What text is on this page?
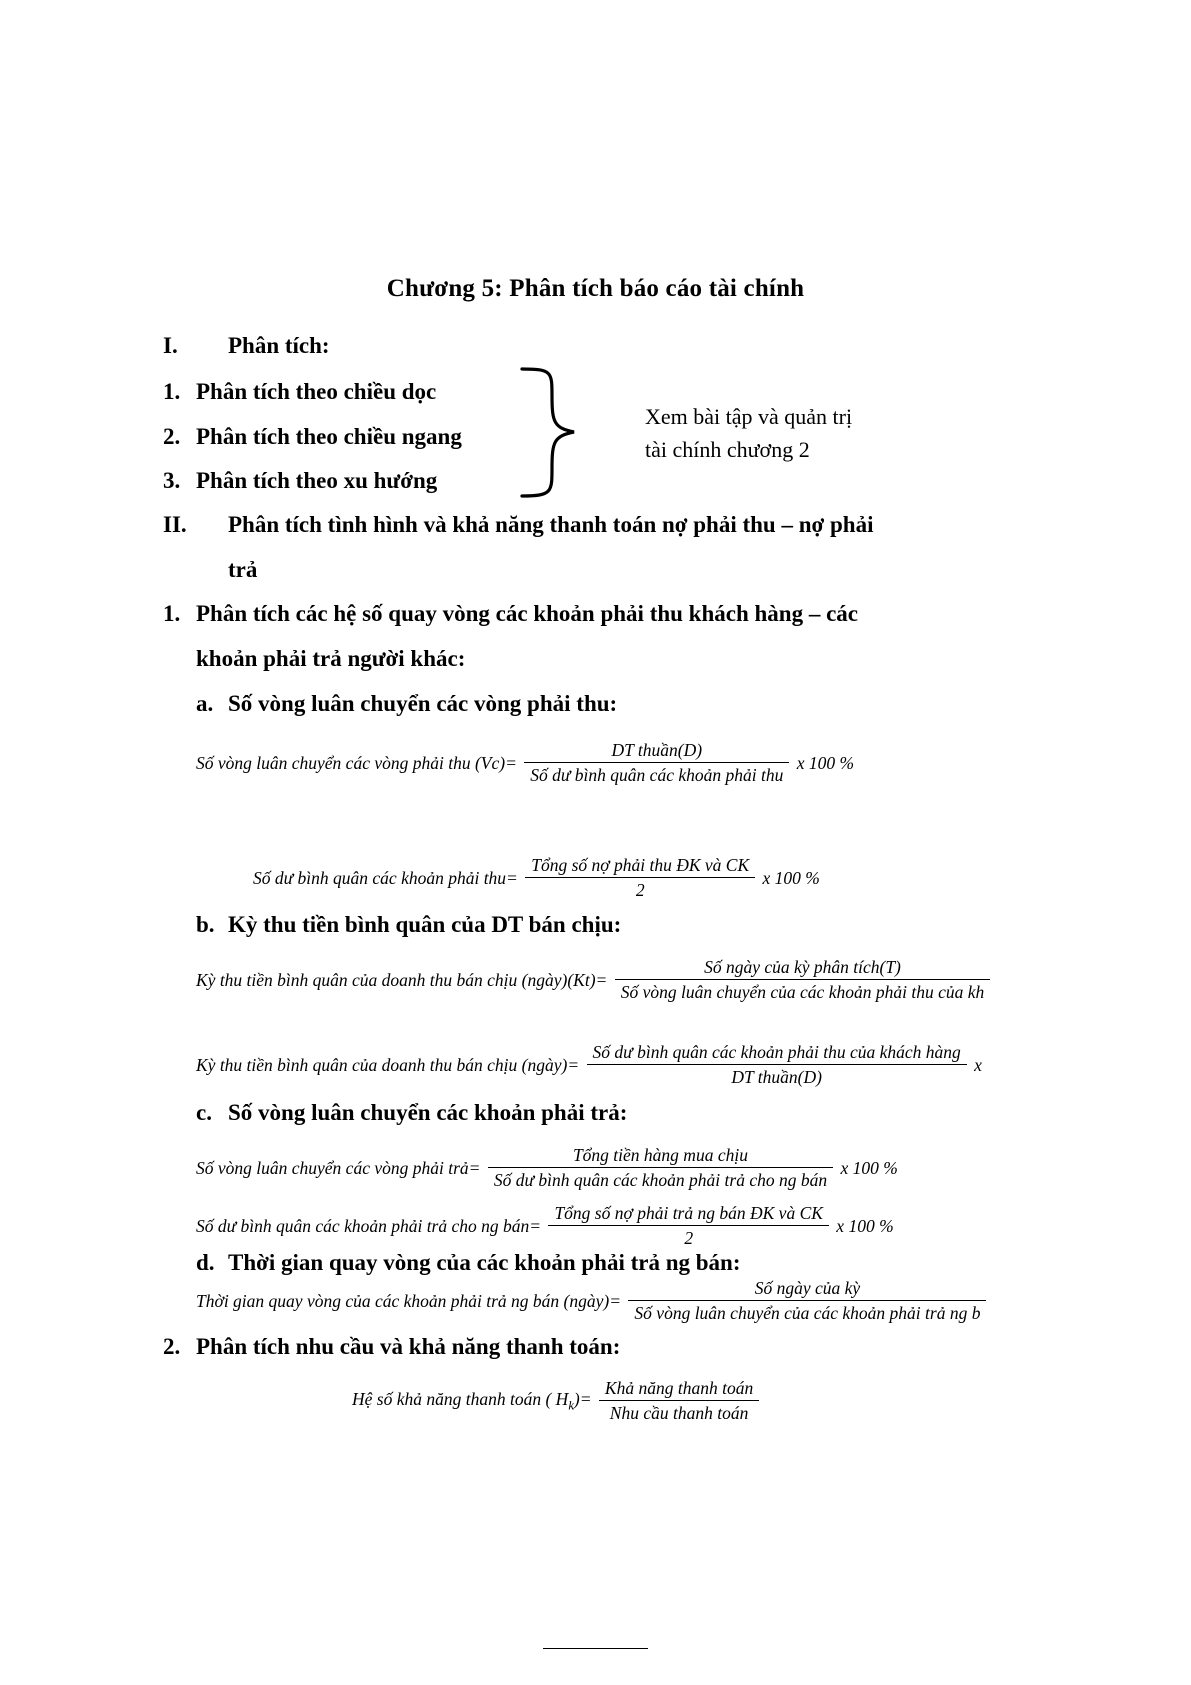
Chương 5: Phân tích báo cáo tài chính
I. Phân tích:
1. Phân tích theo chiều dọc
2. Phân tích theo chiều ngang
3. Phân tích theo xu hướng
Xem bài tập và quản trị
tài chính chương 2
II. Phân tích tình hình và khả năng thanh toán nợ phải thu – nợ phải
trả
1. Phân tích các hệ số quay vòng các khoản phải thu khách hàng – các
khoản phải trả người khác:
a. Số vòng luân chuyển các vòng phải thu:
Số vòng luân chuyển các vòng phải thu $(Vc)= \frac{\text{DT thuần(D)}}{\text{Số dư bình quân các khoản phải thu}}$ x 100 %
Số dư bình quân các khoản phải $thu= \frac{\text{Tổng số nợ phải thu ĐK và CK}}{2}$ x 100 %
b. Kỳ thu tiền bình quân của DT bán chịu:
Kỳ thu tiền bình quân của doanh thu bán chịu (ngày)(Kt)= $\frac{\text{Số ngày của kỳ phân tích(T)}}{\text{Số vòng luân chuyển của các khoản phải thu của kh}}$

Kỳ thu tiền bình quân của doanh thu bán chịu (ngày)= $\frac{\text{Số dư bình quân các khoản phải thu của khách hàng}}{\text{DT thuần(D)}}$ x
c. Số vòng luân chuyển các khoản phải trả:
Số vòng luân chuyển các vòng phải trả= $\frac{\text{Tổng tiền hàng mua chịu}}{\text{Số dư bình quân các khoản phải trả cho ng bán}}$ x 100 %
Số dư bình quân các khoản phải trả cho ng bán= $\frac{\text{Tổng số nợ phải trả ng bán ĐK và CK}}{2}$ x 100 %
d. Thời gian quay vòng của các khoản phải trả ng bán:
Thời gian quay vòng của các khoản phải trả ng bán (ngày)= $\frac{\text{Số ngày của kỳ}}{\text{Số vòng luân chuyển của các khoản phải trả ng b}}$

2. Phân tích nhu cầu và khả năng thanh toán:
Hệ số khả năng thanh toán ( $H_k)= \frac{\text{Khả năng thanh toán}}{\text{Nhu cầu thanh toán}}$
